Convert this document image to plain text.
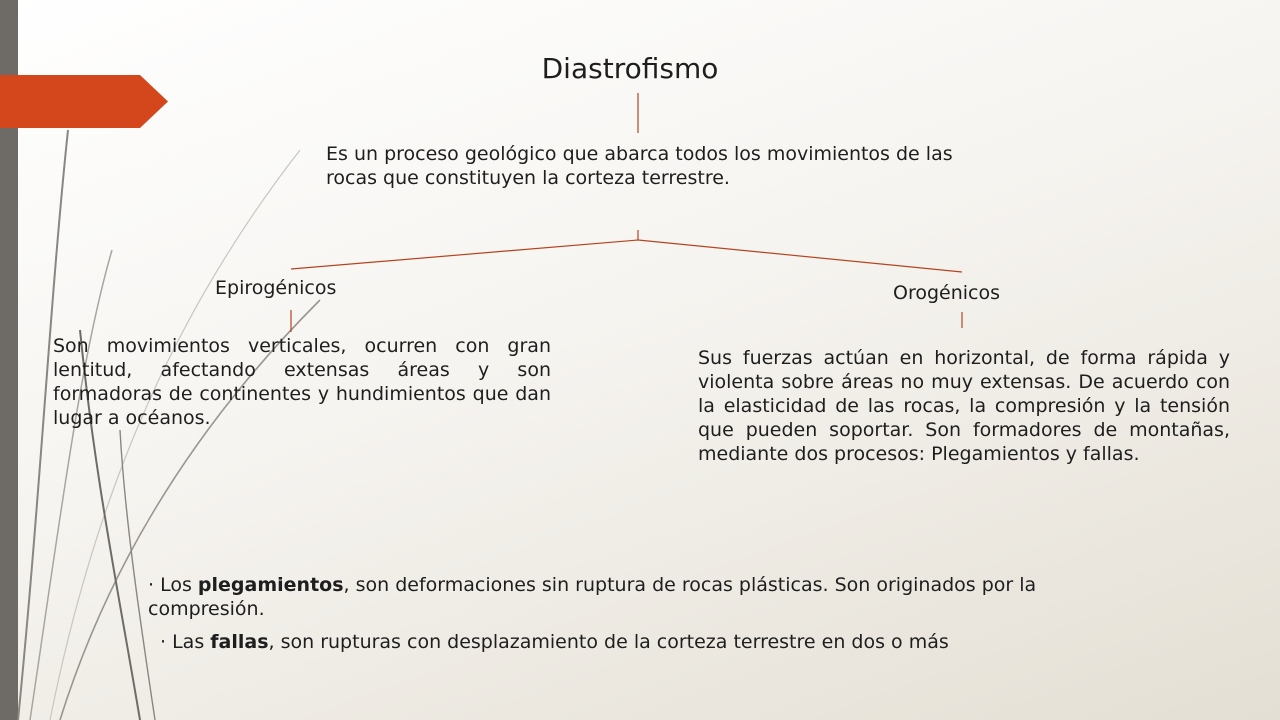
Diastrofismo

Es un proceso geológico que abarca todos los movimientos de las rocas que constituyen la corteza terrestre.

Epirogénicos	Orogénicos

Son movimientos verticales, ocurren con gran lentitud, afectando extensas áreas y son formadoras de continentes y hundimientos que dan lugar a océanos.

Sus fuerzas actúan en horizontal, de forma rápida y violenta sobre áreas no muy extensas. De acuerdo con la elasticidad de las rocas, la compresión y la tensión que pueden soportar. Son formadores de montañas, mediante dos procesos: Plegamientos y fallas.

· Los plegamientos, son deformaciones sin ruptura de rocas plásticas. Son originados por la compresión.

· Las fallas, son rupturas con desplazamiento de la corteza terrestre en dos o más
